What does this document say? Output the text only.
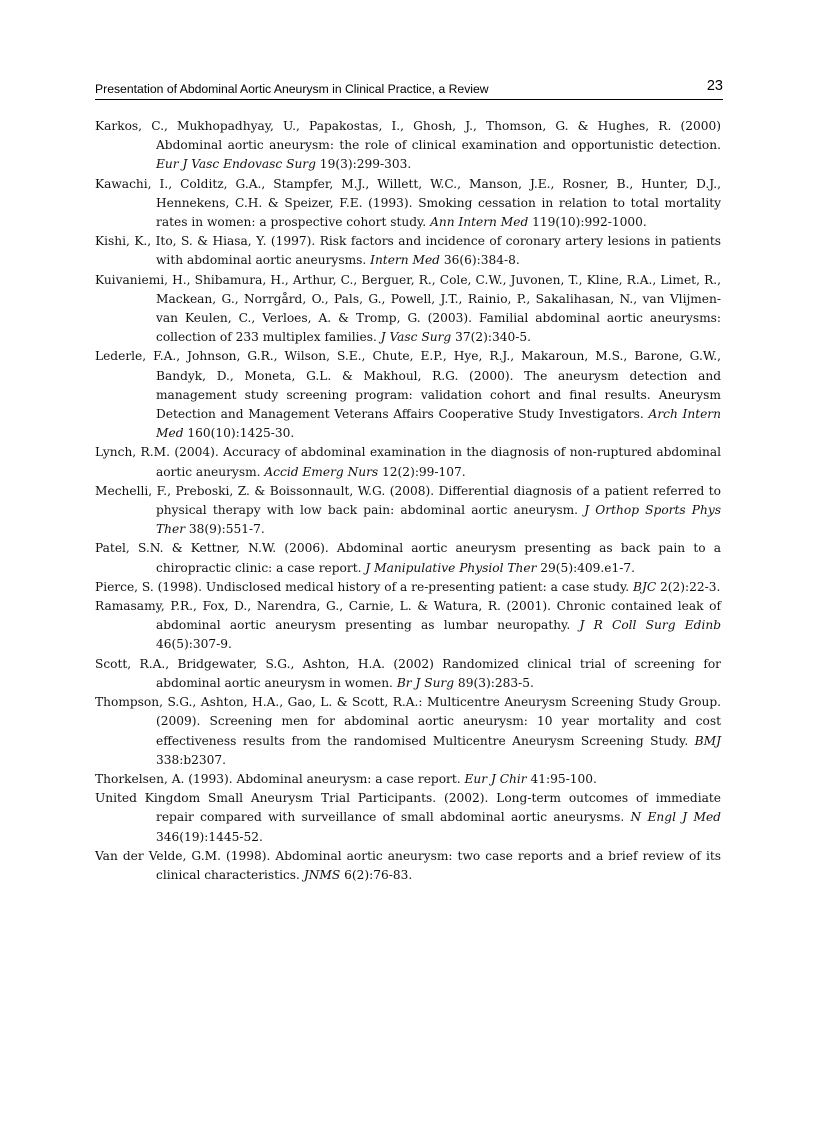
Presentation of Abdominal Aortic Aneurysm in Clinical Practice, a Review	23

Karkos, C., Mukhopadhyay, U., Papakostas, I., Ghosh, J., Thomson, G. & Hughes, R. (2000) Abdominal aortic aneurysm: the role of clinical examination and opportunistic detection. Eur J Vasc Endovasc Surg 19(3):299-303.

Kawachi, I., Colditz, G.A., Stampfer, M.J., Willett, W.C., Manson, J.E., Rosner, B., Hunter, D.J., Hennekens, C.H. & Speizer, F.E. (1993). Smoking cessation in relation to total mortality rates in women: a prospective cohort study. Ann Intern Med 119(10):992-1000.

Kishi, K., Ito, S. & Hiasa, Y. (1997). Risk factors and incidence of coronary artery lesions in patients with abdominal aortic aneurysms. Intern Med 36(6):384-8.

Kuivaniemi, H., Shibamura, H., Arthur, C., Berguer, R., Cole, C.W., Juvonen, T., Kline, R.A., Limet, R., Mackean, G., Norrgård, O., Pals, G., Powell, J.T., Rainio, P., Sakalihasan, N., van Vlijmen-van Keulen, C., Verloes, A. & Tromp, G. (2003). Familial abdominal aortic aneurysms: collection of 233 multiplex families. J Vasc Surg 37(2):340-5.

Lederle, F.A., Johnson, G.R., Wilson, S.E., Chute, E.P., Hye, R.J., Makaroun, M.S., Barone, G.W., Bandyk, D., Moneta, G.L. & Makhoul, R.G. (2000). The aneurysm detection and management study screening program: validation cohort and final results. Aneurysm Detection and Management Veterans Affairs Cooperative Study Investigators. Arch Intern Med 160(10):1425-30.

Lynch, R.M. (2004). Accuracy of abdominal examination in the diagnosis of non-ruptured abdominal aortic aneurysm. Accid Emerg Nurs 12(2):99-107.

Mechelli, F., Preboski, Z. & Boissonnault, W.G. (2008). Differential diagnosis of a patient referred to physical therapy with low back pain: abdominal aortic aneurysm. J Orthop Sports Phys Ther 38(9):551-7.

Patel, S.N. & Kettner, N.W. (2006). Abdominal aortic aneurysm presenting as back pain to a chiropractic clinic: a case report. J Manipulative Physiol Ther 29(5):409.e1-7.

Pierce, S. (1998). Undisclosed medical history of a re-presenting patient: a case study. BJC 2(2):22-3.

Ramasamy, P.R., Fox, D., Narendra, G., Carnie, L. & Watura, R. (2001). Chronic contained leak of abdominal aortic aneurysm presenting as lumbar neuropathy. J R Coll Surg Edinb 46(5):307-9.

Scott, R.A., Bridgewater, S.G., Ashton, H.A. (2002) Randomized clinical trial of screening for abdominal aortic aneurysm in women. Br J Surg 89(3):283-5.

Thompson, S.G., Ashton, H.A., Gao, L. & Scott, R.A.: Multicentre Aneurysm Screening Study Group. (2009). Screening men for abdominal aortic aneurysm: 10 year mortality and cost effectiveness results from the randomised Multicentre Aneurysm Screening Study. BMJ 338:b2307.

Thorkelsen, A. (1993). Abdominal aneurysm: a case report. Eur J Chir 41:95-100.

United Kingdom Small Aneurysm Trial Participants. (2002). Long-term outcomes of immediate repair compared with surveillance of small abdominal aortic aneurysms. N Engl J Med 346(19):1445-52.

Van der Velde, G.M. (1998). Abdominal aortic aneurysm: two case reports and a brief review of its clinical characteristics. JNMS 6(2):76-83.
